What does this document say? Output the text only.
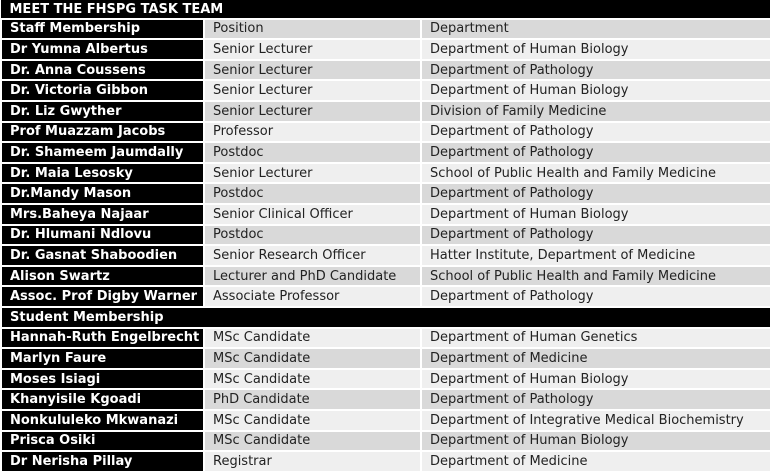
MEET THE FHSPG TASK TEAM		
Staff Membership	Position	Department
Dr Yumna Albertus	Senior Lecturer	Department of Human Biology
Dr. Anna Coussens	Senior Lecturer	Department of Pathology
Dr. Victoria Gibbon	Senior Lecturer	Department of Human Biology
Dr. Liz Gwyther	Senior Lecturer	Division of Family Medicine
Prof Muazzam Jacobs	Professor	Department of Pathology
Dr. Shameem Jaumdally	Postdoc	Department of Pathology
Dr. Maia Lesosky	Senior Lecturer	School of Public Health and Family Medicine
Dr.Mandy Mason	Postdoc	Department of Pathology
Mrs.Baheya Najaar	Senior Clinical Officer	Department of Human Biology
Dr. Hlumani Ndlovu	Postdoc	Department of Pathology
Dr. Gasnat Shaboodien	Senior Research Officer	Hatter Institute, Department of Medicine
Alison Swartz	Lecturer and PhD Candidate	School of Public Health and Family Medicine
Assoc. Prof Digby Warner	Associate Professor	Department of Pathology
Student Membership		
Hannah-Ruth Engelbrecht	MSc Candidate	Department of Human Genetics
Marlyn Faure	MSc Candidate	Department of Medicine
Moses Isiagi	MSc Candidate	Department of Human Biology
Khanyisile Kgoadi	PhD Candidate	Department of Pathology
Nonkululeko Mkwanazi	MSc Candidate	Department of Integrative Medical Biochemistry
Prisca Osiki	MSc Candidate	Department of Human Biology
Dr Nerisha Pillay	Registrar	Department of Medicine
